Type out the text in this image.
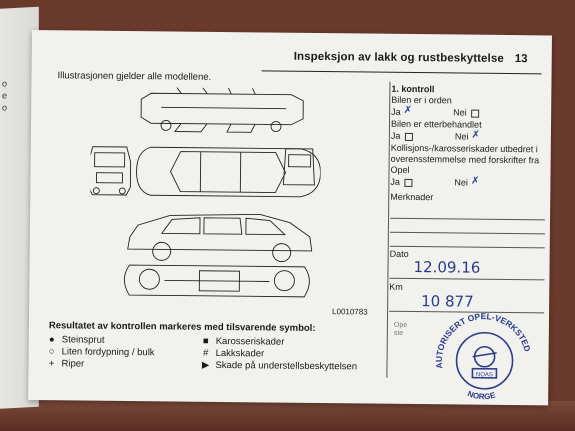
o
e
o
Inspeksjon av lakk og rustbeskyttelse 13
Illustrasjonen gjelder alle modellene.
L0010783
1. kontroll
Bilen er i orden
Ja ✗	Nei
Bilen er etterbehandlet
Ja	Nei ✗
Kollisjons-/karosseriskader utbedret i
overensstemmelse med forskrifter fra
Opel
Ja	Nei ✗
Merknader
Dato
12.09.16
Km
10 877
Resultatet av kontrollen markeres med tilsvarende symbol:
● Steinsprut
○ Liten fordypning / bulk
+ Riper
■ Karosseriskader
# Lakkskader
▶ Skade på understellsbeskyttelsen
Ope
ste
AUTORISERT OPEL-VERKSTED
NORGE
NOAS
